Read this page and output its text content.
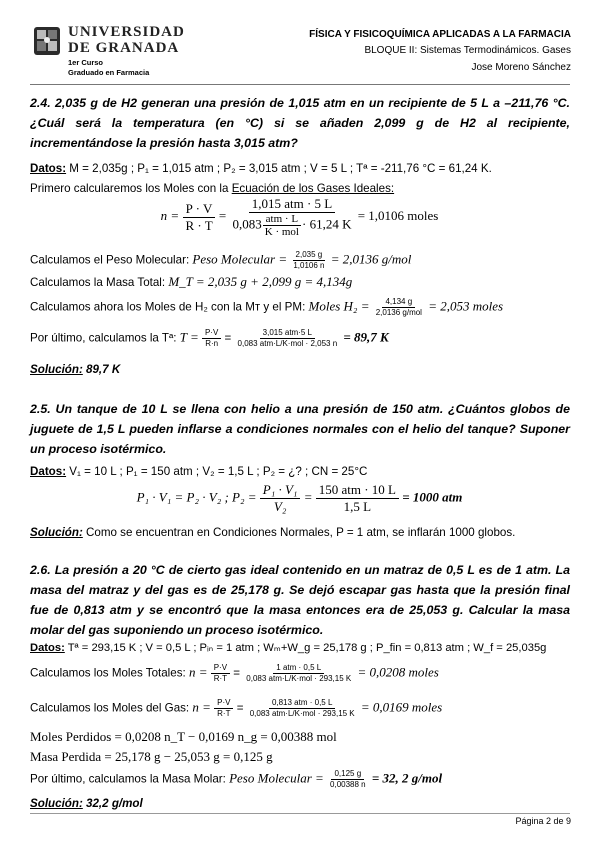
UNIVERSIDAD
DE GRANADA
1er Curso
Graduado en Farmacia
FÍSICA Y FISICOQUÍMICA APLICADAS A LA FARMACIA
BLOQUE II: Sistemas Termodinámicos. Gases
Jose Moreno Sánchez
2.4. 2,035 g de H2 generan una presión de 1,015 atm en un recipiente de 5 L a –211,76 °C. ¿Cuál será la temperatura (en °C) si se añaden 2,099 g de H2 al recipiente, incrementándose la presión hasta 3,015 atm?
Datos: M = 2,035g ; P₁ = 1,015 atm ; P₂ = 3,015 atm ; V = 5 L ; Tª = -211,76 °C = 61,24 K.
Primero calcularemos los Moles con la Ecuación de los Gases Ideales:
$n = \frac{P \cdot V}{R \cdot T} = \frac{\text{1,015 atm · 5 L}}{0,083 \frac{\text{atm · L}}{\text{K · mol}} \cdot 61,24 K} = 1,0106$ moles
Calculamos el Peso Molecular: Peso Molecular = $\frac{2,035 g}{1,0106 n} = 2,0136$ g/mol
Calculamos la Masa Total: M_T = 2,035 g + 2,099 g = 4,134g
Calculamos ahora los Moles de H₂ con la Mᴛ y el PM: Moles $H_2 = \frac{4,134 g}{\text{2,0136 g/mol}} = 2,053$ moles
Por último, calculamos la Tª: $T = \frac{P\cdot V}{R\cdot n} = \frac{\text{3,015 atm·5 L}}{\text{0,083 atm·L/K·mol · 2,053 n}} = 89,7$ K
Solución: 89,7 K
2.5. Un tanque de 10 L se llena con helio a una presión de 150 atm. ¿Cuántos globos de juguete de 1,5 L pueden inflarse a condiciones normales con el helio del tanque? Suponer un proceso isotérmico.
Datos: V₁ = 10 L ; P₁ = 150 atm ; V₂ = 1,5 L ; P₂ = ¿? ; CN = 25°C
P₁ · V₁ = P₂ · V₂ ; $P_2 = \frac{\text{P₁ · V₁}}{\text{V₂}} = \frac{\text{150 atm · 10 L}}{1,5 L} = 1000$ atm
Solución: Como se encuentran en Condiciones Normales, P = 1 atm, se inflarán 1000 globos.
2.6. La presión a 20 °C de cierto gas ideal contenido en un matraz de 0,5 L es de 1 atm. La masa del matraz y del gas es de 25,178 g. Se dejó escapar gas hasta que la presión final fue de 0,813 atm y se encontró que la masa entonces era de 25,053 g. Calcular la masa molar del gas suponiendo un proceso isotérmico.
Datos: Tª = 293,15 K ; V = 0,5 L ; Pᵢₙ = 1 atm ; Wₘ+W_g = 25,178 g ; P_fin = 0,813 atm ; W_f = 25,035g
Calculamos los Moles Totales: $n = \frac{P\cdot V}{R\cdot T} = \frac{\text{1 atm · 0,5 L}}{\text{0,083 atm·L/K·mol · 293,15 K}} = 0,0208$ moles
Calculamos los Moles del Gas: $n = \frac{P\cdot V}{R\cdot T} = \frac{\text{0,813 atm · 0,5 L}}{\text{0,083 atm·L/K·mol · 293,15 K}} = 0,0169$ moles
Moles Perdidos = 0,0208 n_T − 0,0169 n_g = 0,00388 mol
Masa Perdida = 25,178 g − 25,053 g = 0,125 g
Por último, calculamos la Masa Molar: Peso Molecular = $\frac{0,125 g}{0,00388 n} = 32$, 2 g/mol
Solución: 32,2 g/mol
Página 2 de 9
